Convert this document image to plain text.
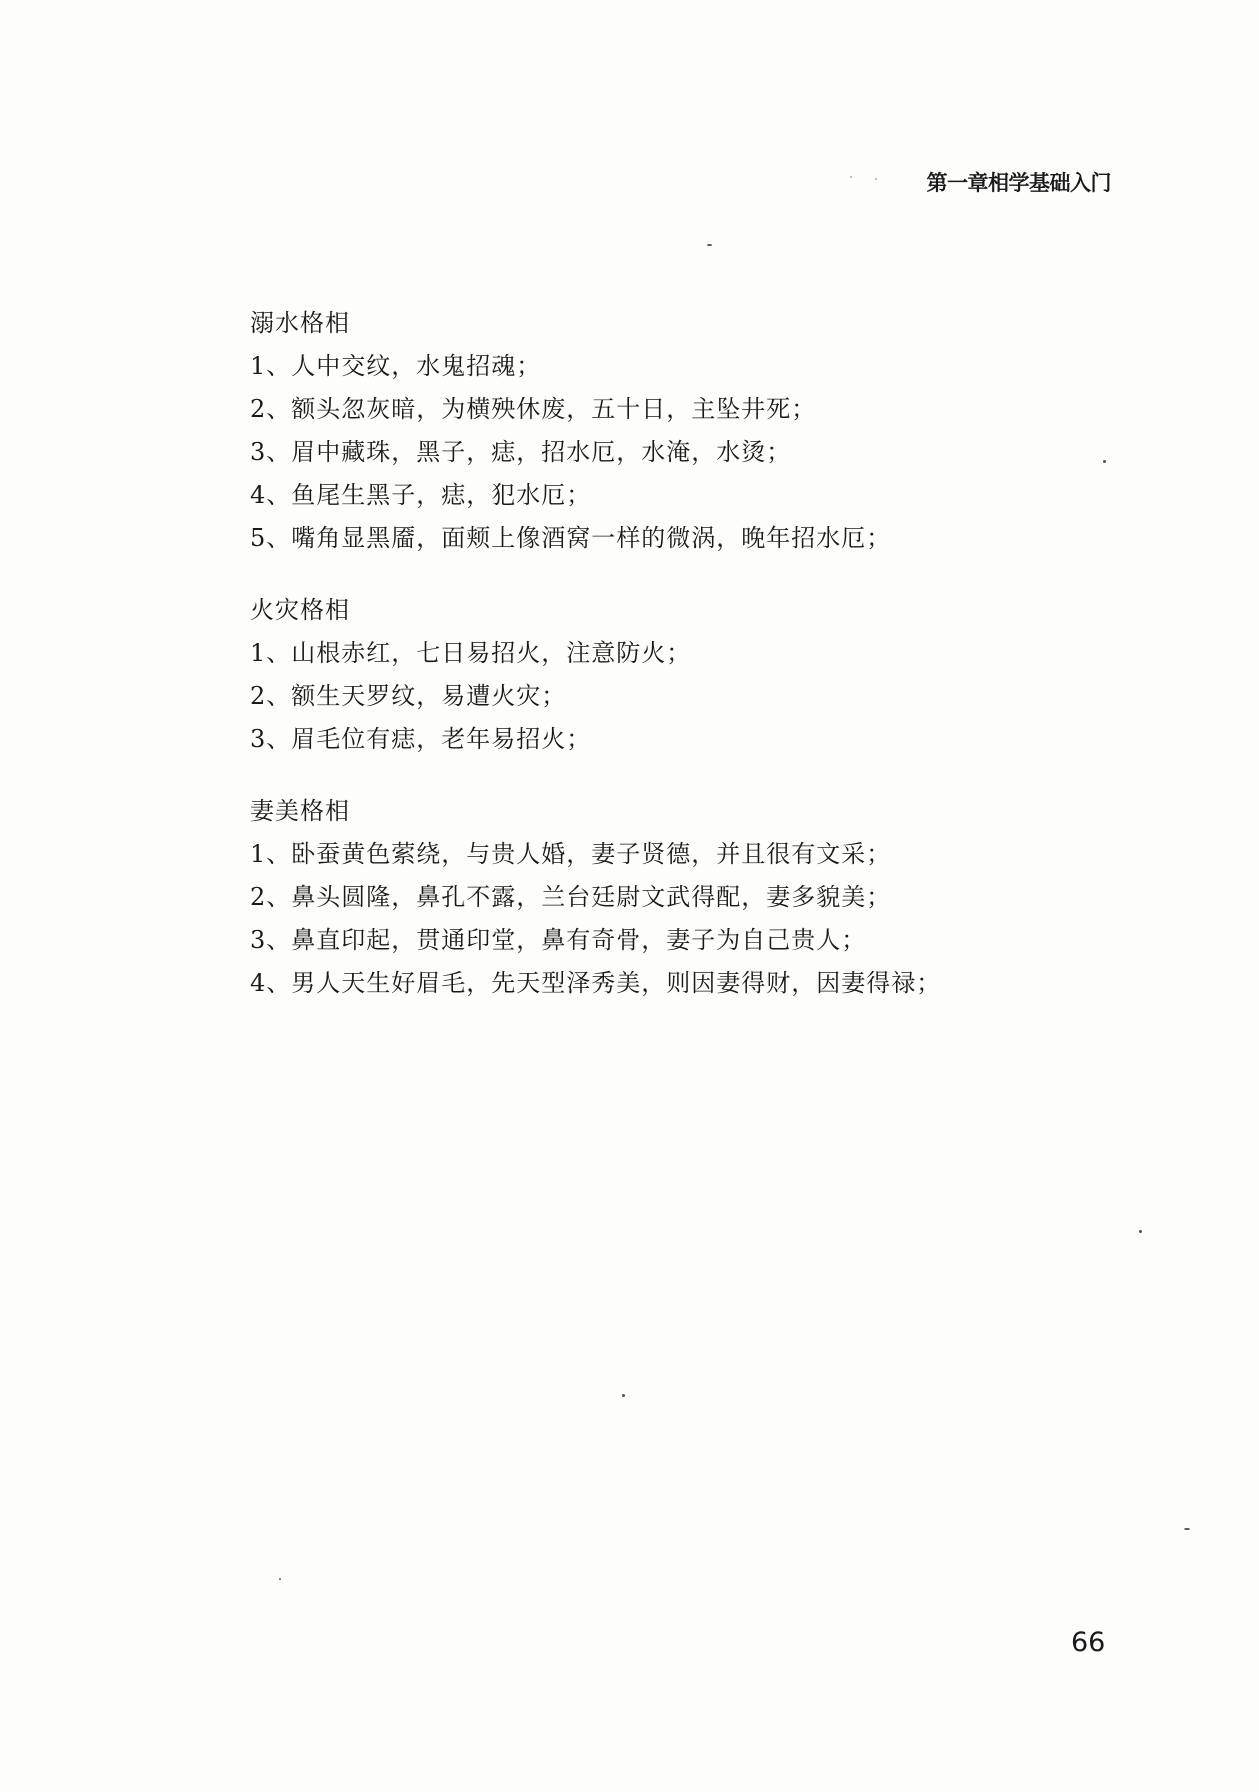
第一章相学基础入门
溺水格相
1、人中交纹，水鬼招魂；
2、额头忽灰暗，为横殃休废，五十日，主坠井死；
3、眉中藏珠，黑子，痣，招水厄，水淹，水烫；
4、鱼尾生黑子，痣，犯水厄；
5、嘴角显黑靥，面颊上像酒窝一样的微涡，晚年招水厄；
火灾格相
1、山根赤红，七日易招火，注意防火；
2、额生天罗纹，易遭火灾；
3、眉毛位有痣，老年易招火；
妻美格相
1、卧蚕黄色萦绕，与贵人婚，妻子贤德，并且很有文采；
2、鼻头圆隆，鼻孔不露，兰台廷尉文武得配，妻多貌美；
3、鼻直印起，贯通印堂，鼻有奇骨，妻子为自己贵人；
4、男人天生好眉毛，先天型泽秀美，则因妻得财，因妻得禄；
66
